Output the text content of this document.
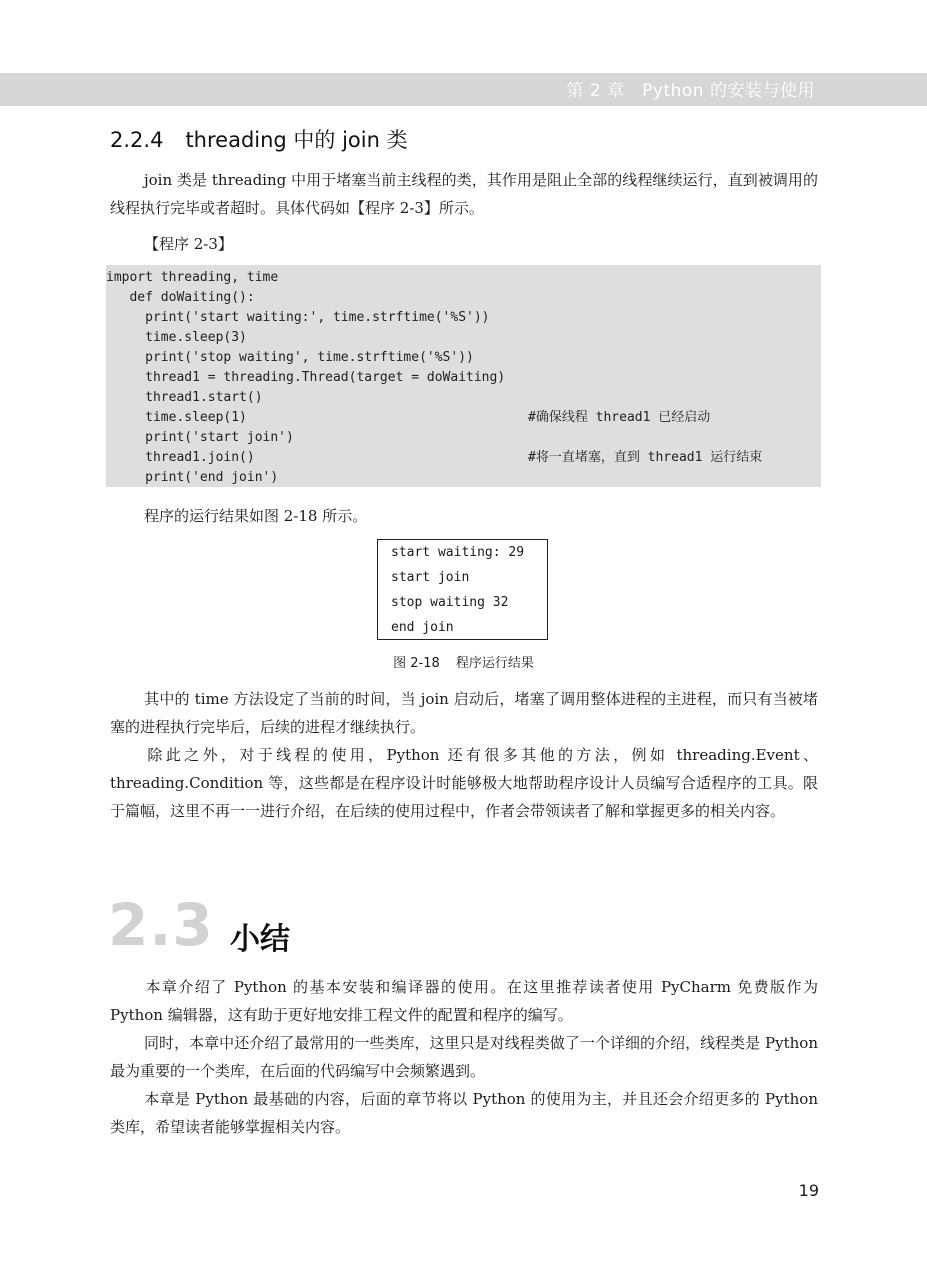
第 2 章　Python 的安装与使用
2.2.4 threading 中的 join 类

join 类是 threading 中用于堵塞当前主线程的类，其作用是阻止全部的线程继续运行，直到被调用的线程执行完毕或者超时。具体代码如【程序 2-3】所示。

【程序 2-3】
import threading, time
def doWaiting():
print('start waiting:', time.strftime('%S'))
time.sleep(3)
print('stop waiting', time.strftime('%S'))
thread1 = threading.Thread(target = doWaiting)
thread1.start()
time.sleep(1)	#确保线程 thread1 已经启动
print('start join')
thread1.join()	#将一直堵塞，直到 thread1 运行结束
print('end join')

程序的运行结果如图 2-18 所示。

start waiting: 29
start join
stop waiting 32
end join
图 2-18 程序运行结果

其中的 time 方法设定了当前的时间，当 join 启动后，堵塞了调用整体进程的主进程，而只有当被堵塞的进程执行完毕后，后续的进程才继续执行。

除此之外，对于线程的使用，Python 还有很多其他的方法，例如 threading.Event、threading.Condition 等，这些都是在程序设计时能够极大地帮助程序设计人员编写合适程序的工具。限于篇幅，这里不再一一进行介绍，在后续的使用过程中，作者会带领读者了解和掌握更多的相关内容。

2.3 小结

本章介绍了 Python 的基本安装和编译器的使用。在这里推荐读者使用 PyCharm 免费版作为 Python 编辑器，这有助于更好地安排工程文件的配置和程序的编写。

同时，本章中还介绍了最常用的一些类库，这里只是对线程类做了一个详细的介绍，线程类是 Python 最为重要的一个类库，在后面的代码编写中会频繁遇到。

本章是 Python 最基础的内容，后面的章节将以 Python 的使用为主，并且还会介绍更多的 Python 类库，希望读者能够掌握相关内容。

19
